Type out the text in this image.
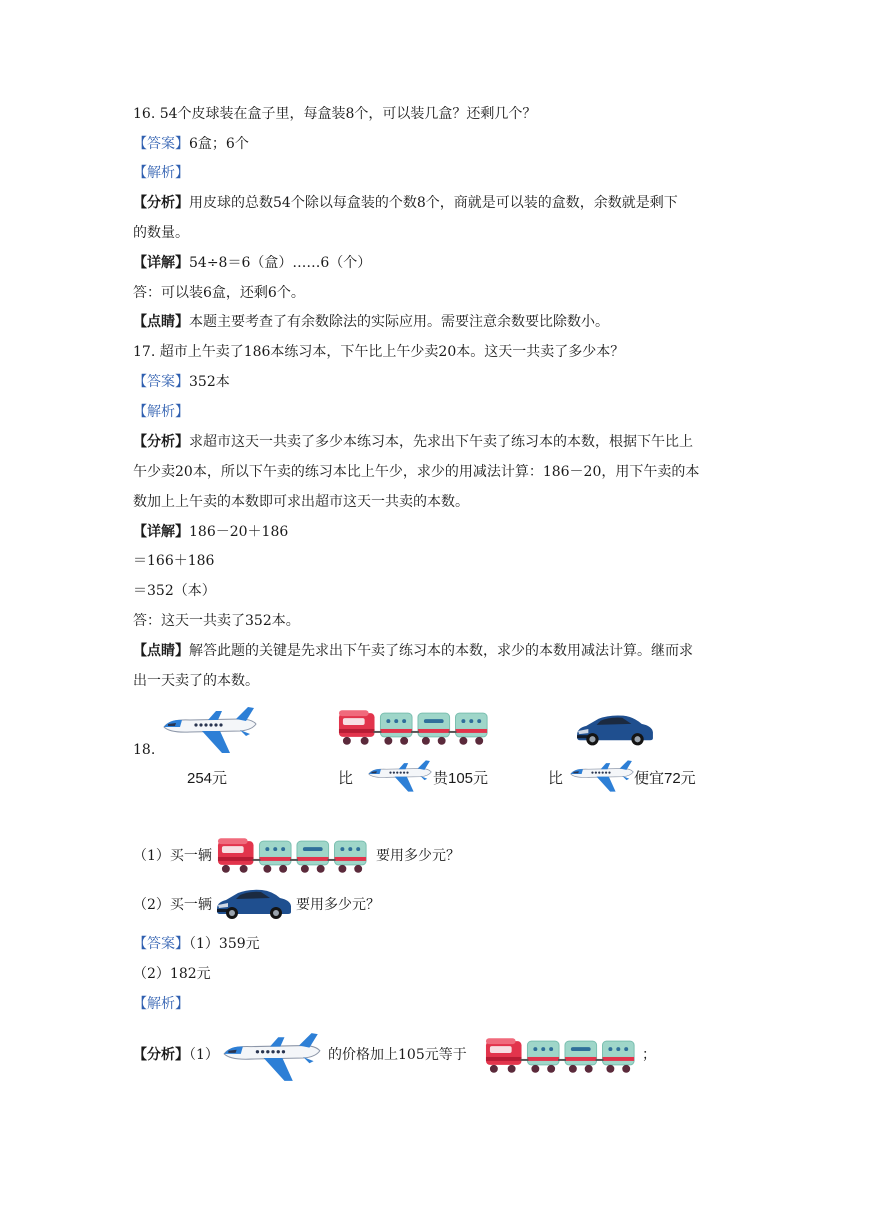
16. 54个皮球装在盒子里，每盒装8个，可以装几盒？还剩几个？
【答案】6盒；6个
【解析】
【分析】用皮球的总数54个除以每盒装的个数8个，商就是可以装的盒数，余数就是剩下
的数量。
【详解】54÷8＝6（盒）……6（个）
答：可以装6盒，还剩6个。
【点睛】本题主要考查了有余数除法的实际应用。需要注意余数要比除数小。
17. 超市上午卖了186本练习本，下午比上午少卖20本。这天一共卖了多少本？
【答案】352本
【解析】
【分析】求超市这天一共卖了多少本练习本，先求出下午卖了练习本的本数，根据下午比上
午少卖20本，所以下午卖的练习本比上午少，求少的用减法计算：186－20，用下午卖的本
数加上上午卖的本数即可求出超市这天一共卖的本数。
【详解】186－20＋186
＝166＋186
＝352（本）
答：这天一共卖了352本。
【点睛】解答此题的关键是先求出下午卖了练习本的本数，求少的本数用减法计算。继而求
出一天卖了的本数。
18.
254元	比	贵105元	比	便宜72元
（1）买一辆	要用多少元？
（2）买一辆	要用多少元？
【答案】（1）359元
（2）182元
【解析】
【分析】（1）	的价格加上105元等于	；
